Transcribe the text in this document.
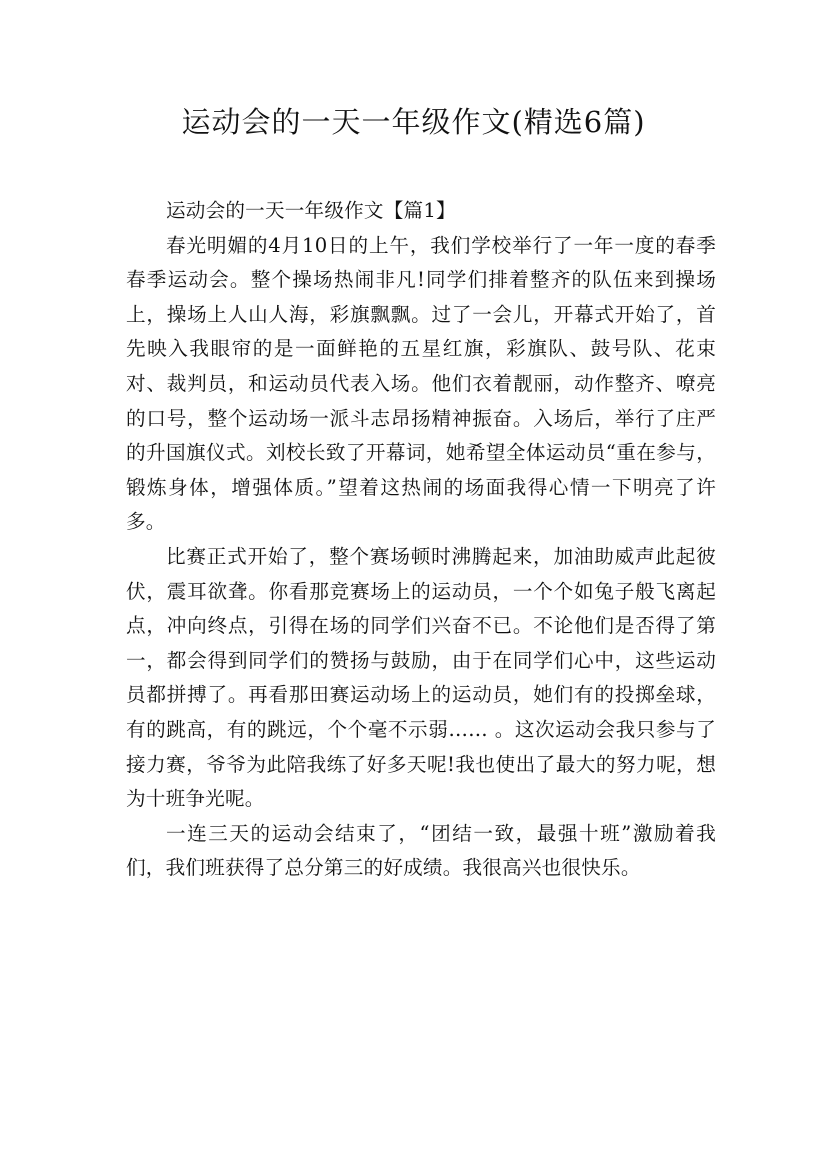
运动会的一天一年级作文(精选6篇)

运动会的一天一年级作文【篇1】

春光明媚的4月10日的上午，我们学校举行了一年一度的春季春季运动会。整个操场热闹非凡!同学们排着整齐的队伍来到操场上，操场上人山人海，彩旗飘飘。过了一会儿，开幕式开始了，首先映入我眼帘的是一面鲜艳的五星红旗，彩旗队、鼓号队、花束对、裁判员，和运动员代表入场。他们衣着靓丽，动作整齐、嘹亮的口号，整个运动场一派斗志昂扬精神振奋。入场后，举行了庄严的升国旗仪式。刘校长致了开幕词，她希望全体运动员“重在参与，锻炼身体，增强体质。”望着这热闹的场面我得心情一下明亮了许多。

比赛正式开始了，整个赛场顿时沸腾起来，加油助威声此起彼伏，震耳欲聋。你看那竞赛场上的运动员，一个个如兔子般飞离起点，冲向终点，引得在场的同学们兴奋不已。不论他们是否得了第一，都会得到同学们的赞扬与鼓励，由于在同学们心中，这些运动员都拼搏了。再看那田赛运动场上的运动员，她们有的投掷垒球，有的跳高，有的跳远，个个毫不示弱…… 。这次运动会我只参与了接力赛，爷爷为此陪我练了好多天呢!我也使出了最大的努力呢，想为十班争光呢。

一连三天的运动会结束了，“团结一致，最强十班”激励着我们，我们班获得了总分第三的好成绩。我很高兴也很快乐。
